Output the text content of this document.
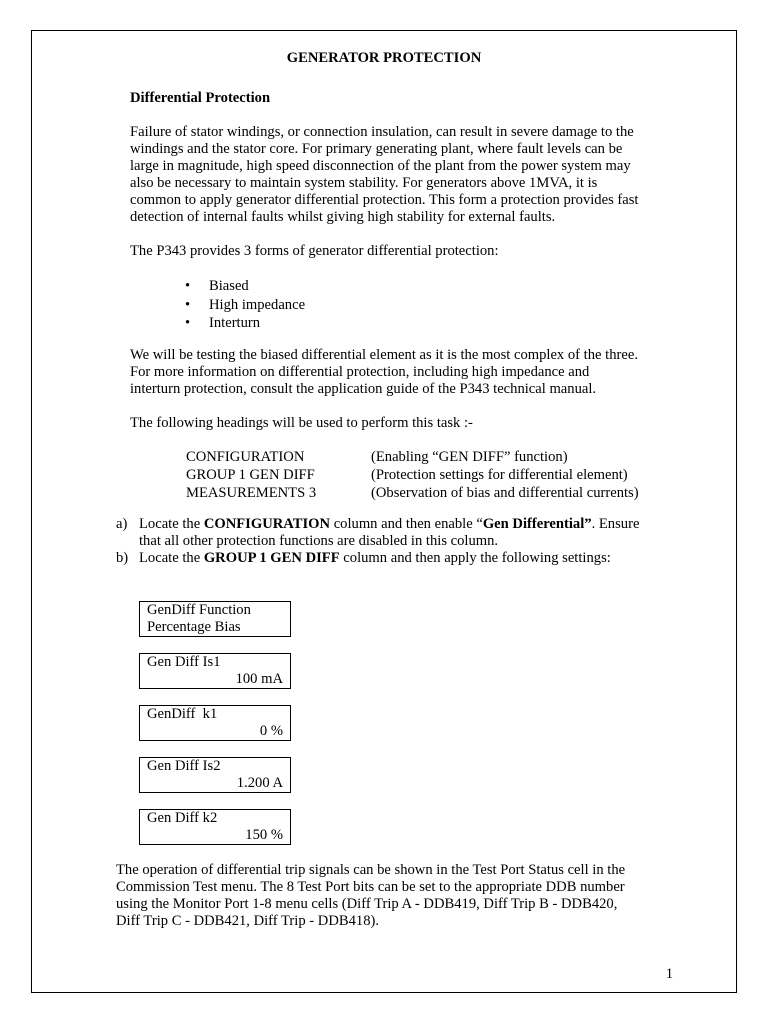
GENERATOR PROTECTION
Differential Protection
Failure of stator windings, or connection insulation, can result in severe damage to the
windings and the stator core. For primary generating plant, where fault levels can be
large in magnitude, high speed disconnection of the plant from the power system may
also be necessary to maintain system stability. For generators above 1MVA, it is
common to apply generator differential protection. This form a protection provides fast
detection of internal faults whilst giving high stability for external faults.
The P343 provides 3 forms of generator differential protection:
• Biased
• High impedance
• Interturn
We will be testing the biased differential element as it is the most complex of the three.
For more information on differential protection, including high impedance and
interturn protection, consult the application guide of the P343 technical manual.
The following headings will be used to perform this task :-
CONFIGURATION	(Enabling “GEN DIFF” function)
GROUP 1 GEN DIFF	(Protection settings for differential element)
MEASUREMENTS 3	(Observation of bias and differential currents)
a) Locate the CONFIGURATION column and then enable “Gen Differential”. Ensure
that all other protection functions are disabled in this column.
b) Locate the GROUP 1 GEN DIFF column and then apply the following settings:
GenDiff Function
Percentage Bias
Gen Diff Is1
100 mA
GenDiff  k1
0 %
Gen Diff Is2
1.200 A
Gen Diff k2
150 %
The operation of differential trip signals can be shown in the Test Port Status cell in the
Commission Test menu. The 8 Test Port bits can be set to the appropriate DDB number
using the Monitor Port 1-8 menu cells (Diff Trip A - DDB419, Diff Trip B - DDB420,
Diff Trip C - DDB421, Diff Trip - DDB418).
1
